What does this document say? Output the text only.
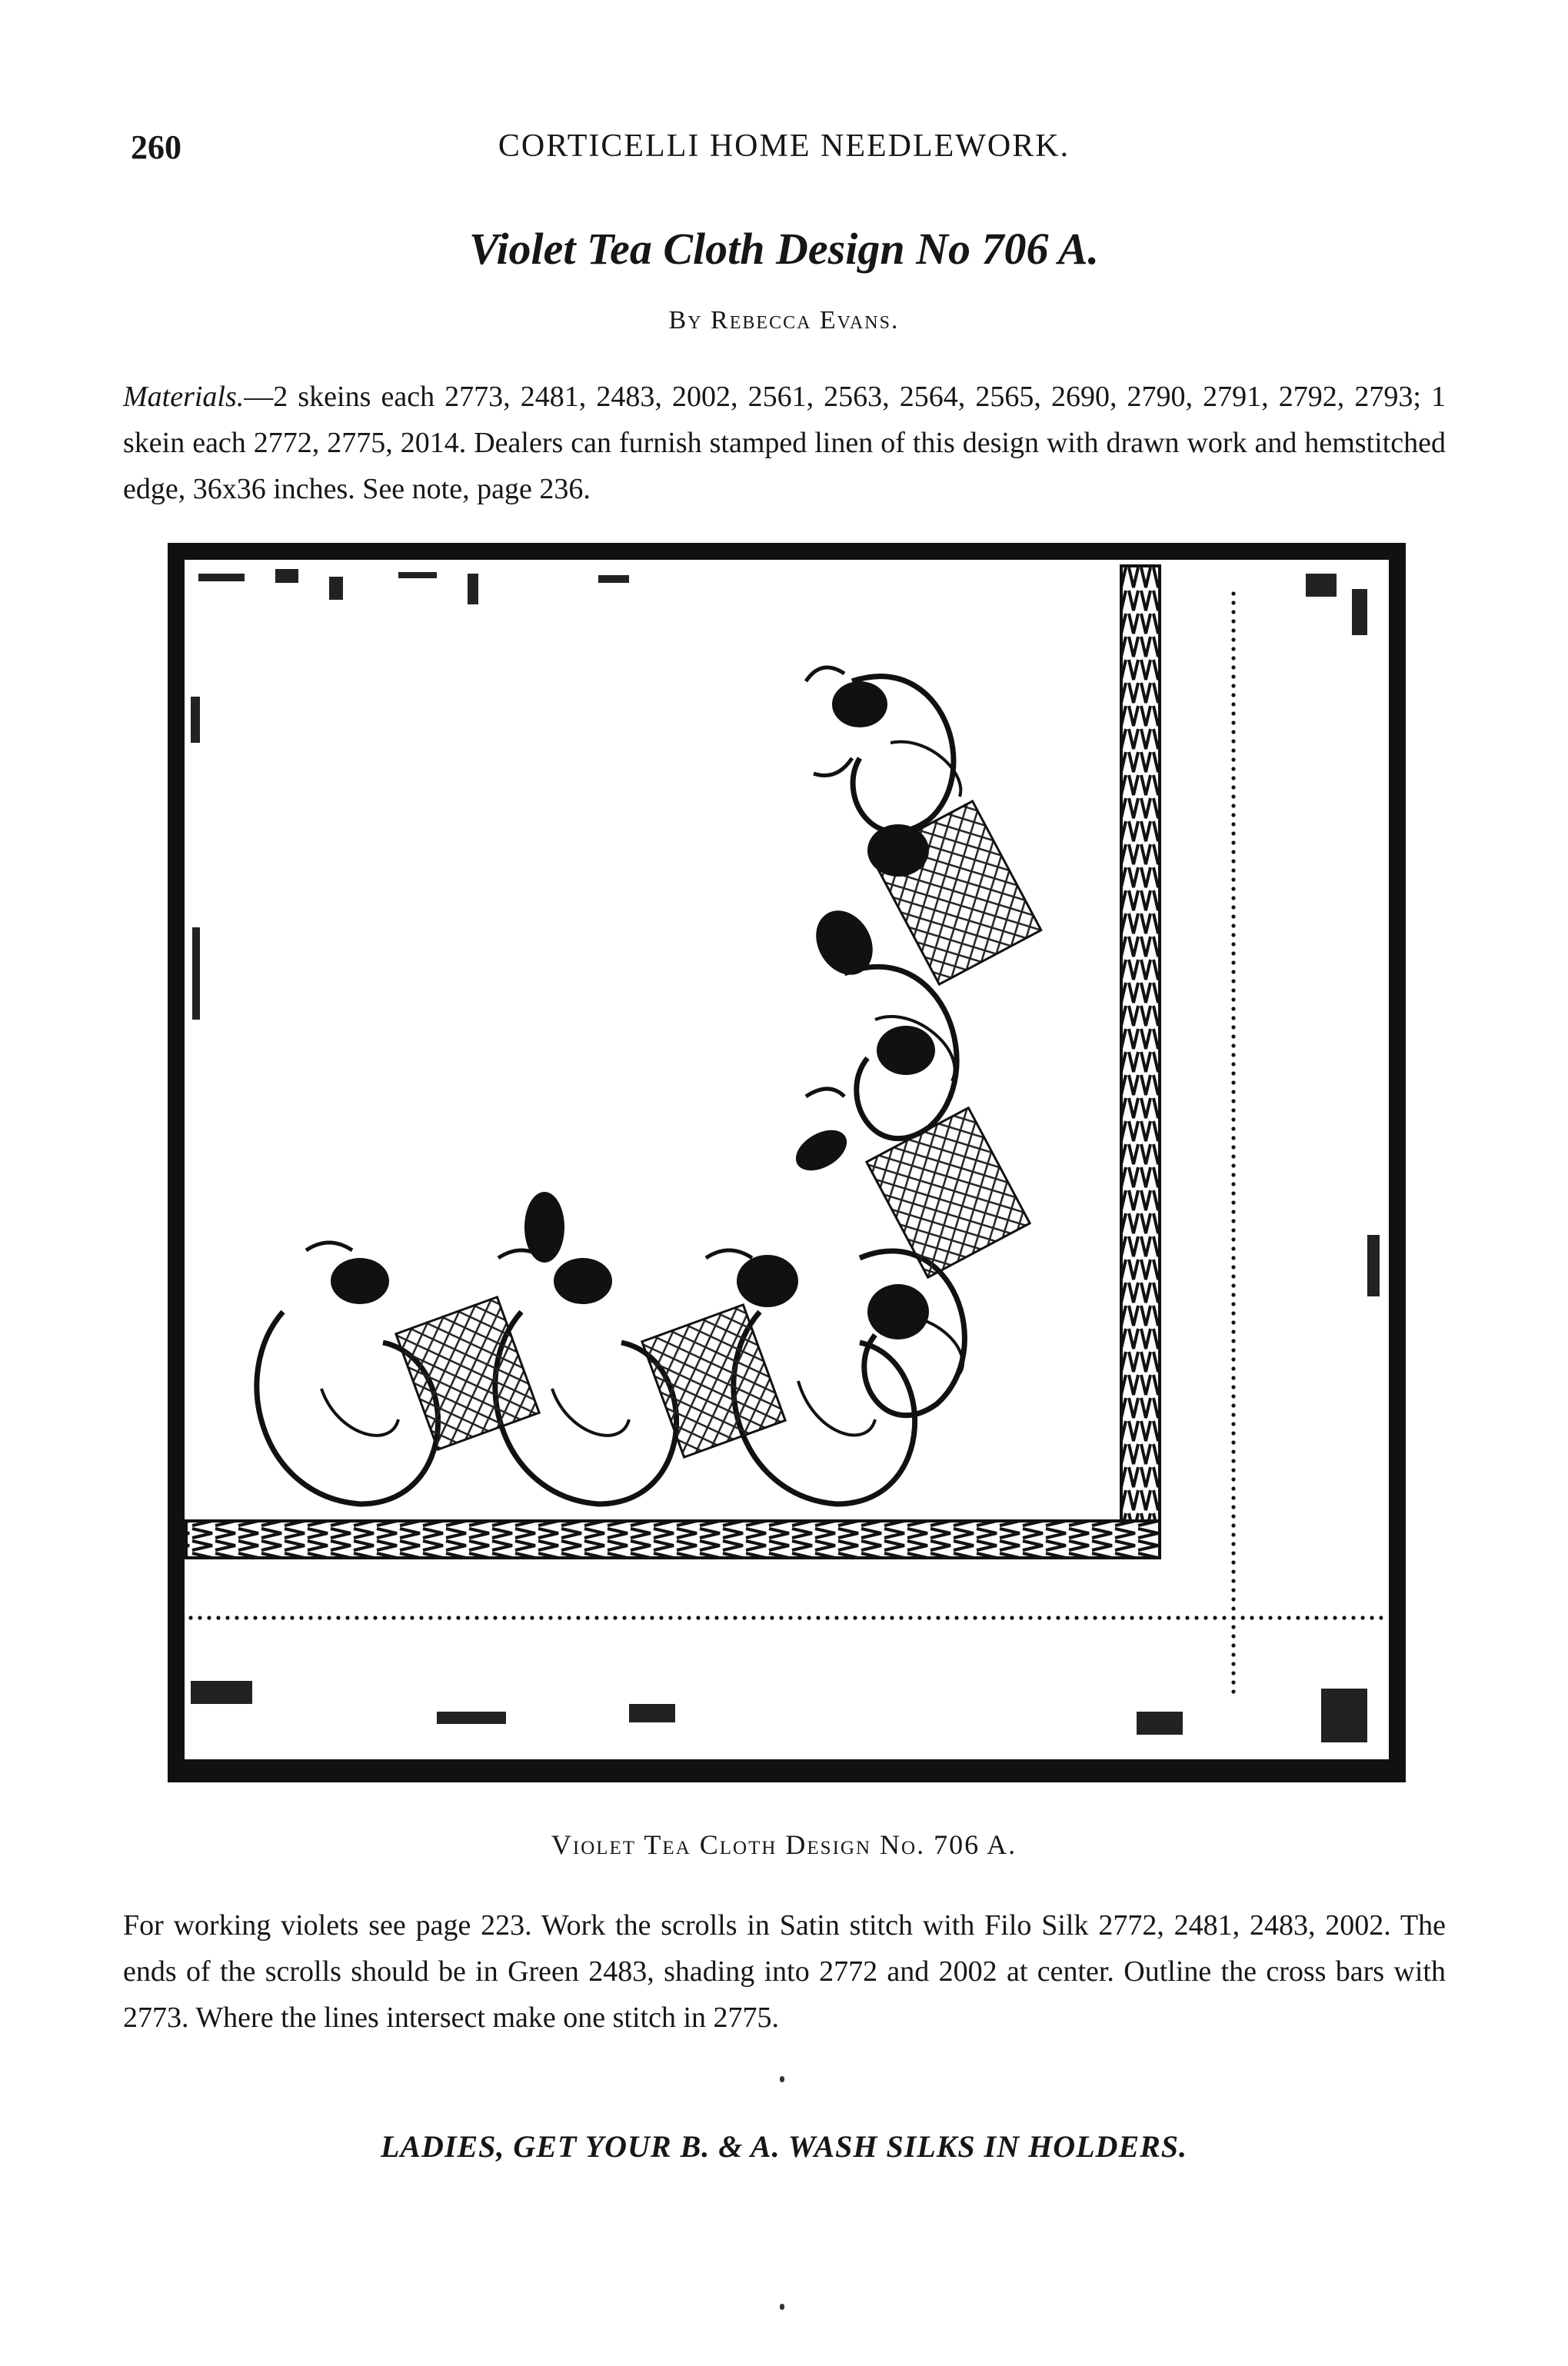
260	CORTICELLI HOME NEEDLEWORK.
Violet Tea Cloth Design No 706 A.
By Rebecca Evans.

Materials.—2 skeins each 2773, 2481, 2483, 2002, 2561, 2563, 2564, 2565, 2690, 2790, 2791, 2792, 2793; 1 skein each 2772, 2775, 2014. Dealers can furnish stamped linen of this design with drawn work and hemstitched edge, 36x36 inches. See note, page 236.

Violet Tea Cloth Design No. 706 A.

For working violets see page 223. Work the scrolls in Satin stitch with Filo Silk 2772, 2481, 2483, 2002. The ends of the scrolls should be in Green 2483, shading into 2772 and 2002 at center. Outline the cross bars with 2773. Where the lines intersect make one stitch in 2775.

LADIES, GET YOUR B. & A. WASH SILKS IN HOLDERS.
